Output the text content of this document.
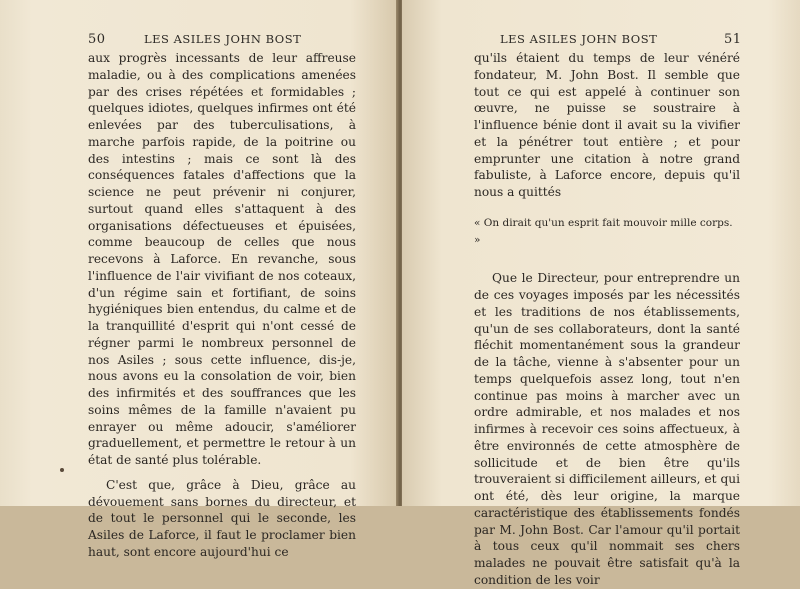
50	LES ASILES JOHN BOST

aux progrès incessants de leur affreuse maladie, ou à des complications amenées par des crises répétées et formidables ; quelques idiotes, quelques infirmes ont été enlevées par des tuberculisations, à marche parfois rapide, de la poitrine ou des intestins ; mais ce sont là des conséquences fatales d'affections que la science ne peut prévenir ni conjurer, surtout quand elles s'attaquent à des organisations défectueuses et épuisées, comme beaucoup de celles que nous recevons à Laforce. En revanche, sous l'influence de l'air vivifiant de nos coteaux, d'un régime sain et fortifiant, de soins hygiéniques bien entendus, du calme et de la tranquillité d'esprit qui n'ont cessé de régner parmi le nombreux personnel de nos Asiles ; sous cette influence, dis-je, nous avons eu la consolation de voir, bien des infirmités et des souffrances que les soins mêmes de la famille n'avaient pu enrayer ou même adoucir, s'améliorer graduellement, et permettre le retour à un état de santé plus tolérable.

C'est que, grâce à Dieu, grâce au dévouement sans bornes du directeur, et de tout le personnel qui le seconde, les Asiles de Laforce, il faut le proclamer bien haut, sont encore aujourd'hui ce

LES ASILES JOHN BOST	51

qu'ils étaient du temps de leur vénéré fondateur, M. John Bost. Il semble que tout ce qui est appelé à continuer son œuvre, ne puisse se soustraire à l'influence bénie dont il avait su la vivifier et la pénétrer tout entière ; et pour emprunter une citation à notre grand fabuliste, à Laforce encore, depuis qu'il nous a quittés

« On dirait qu'un esprit fait mouvoir mille corps. »

Que le Directeur, pour entreprendre un de ces voyages imposés par les nécessités et les traditions de nos établissements, qu'un de ses collaborateurs, dont la santé fléchit momentanément sous la grandeur de la tâche, vienne à s'absenter pour un temps quelquefois assez long, tout n'en continue pas moins à marcher avec un ordre admirable, et nos malades et nos infirmes à recevoir ces soins affectueux, à être environnés de cette atmosphère de sollicitude et de bien être qu'ils trouveraient si difficilement ailleurs, et qui ont été, dès leur origine, la marque caractéristique des établissements fondés par M. John Bost. Car l'amour qu'il portait à tous ceux qu'il nommait ses chers malades ne pouvait être satisfait qu'à la condition de les voir
